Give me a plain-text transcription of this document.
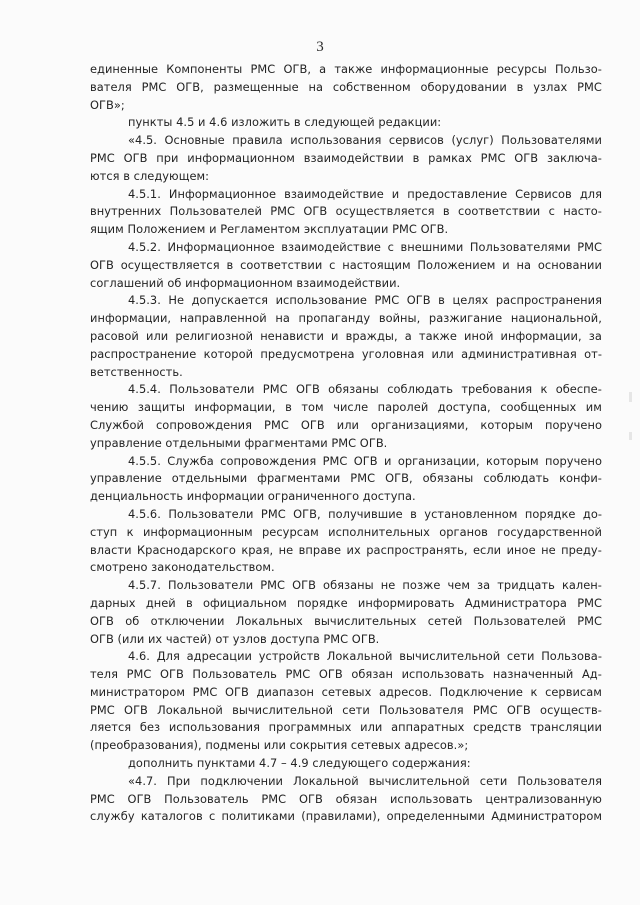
3
единенные Компоненты РМС ОГВ, а также информационные ресурсы Пользо-
вателя РМС ОГВ, размещенные на собственном оборудовании в узлах РМС
ОГВ»;
пункты 4.5 и 4.6 изложить в следующей редакции:
«4.5. Основные правила использования сервисов (услуг) Пользователями
РМС ОГВ при информационном взаимодействии в рамках РМС ОГВ заключа-
ются в следующем:
4.5.1. Информационное взаимодействие и предоставление Сервисов для
внутренних Пользователей РМС ОГВ осуществляется в соответствии с насто-
ящим Положением и Регламентом эксплуатации РМС ОГВ.
4.5.2. Информационное взаимодействие с внешними Пользователями РМС
ОГВ осуществляется в соответствии с настоящим Положением и на основании
соглашений об информационном взаимодействии.
4.5.3. Не допускается использование РМС ОГВ в целях распространения
информации, направленной на пропаганду войны, разжигание национальной,
расовой или религиозной ненависти и вражды, а также иной информации, за
распространение которой предусмотрена уголовная или административная от-
ветственность.
4.5.4. Пользователи РМС ОГВ обязаны соблюдать требования к обеспе-
чению защиты информации, в том числе паролей доступа, сообщенных им
Службой сопровождения РМС ОГВ или организациями, которым поручено
управление отдельными фрагментами РМС ОГВ.
4.5.5. Служба сопровождения РМС ОГВ и организации, которым поручено
управление отдельными фрагментами РМС ОГВ, обязаны соблюдать конфи-
денциальность информации ограниченного доступа.
4.5.6. Пользователи РМС ОГВ, получившие в установленном порядке до-
ступ к информационным ресурсам исполнительных органов государственной
власти Краснодарского края, не вправе их распространять, если иное не преду-
смотрено законодательством.
4.5.7. Пользователи РМС ОГВ обязаны не позже чем за тридцать кален-
дарных дней в официальном порядке информировать Администратора РМС
ОГВ об отключении Локальных вычислительных сетей Пользователей РМС
ОГВ (или их частей) от узлов доступа РМС ОГВ.
4.6. Для адресации устройств Локальной вычислительной сети Пользова-
теля РМС ОГВ Пользователь РМС ОГВ обязан использовать назначенный Ад-
министратором РМС ОГВ диапазон сетевых адресов. Подключение к сервисам
РМС ОГВ Локальной вычислительной сети Пользователя РМС ОГВ осуществ-
ляется без использования программных или аппаратных средств трансляции
(преобразования), подмены или сокрытия сетевых адресов.»;
дополнить пунктами 4.7 – 4.9 следующего содержания:
«4.7. При подключении Локальной вычислительной сети Пользователя
РМС ОГВ Пользователь РМС ОГВ обязан использовать централизованную
службу каталогов с политиками (правилами), определенными Администратором
